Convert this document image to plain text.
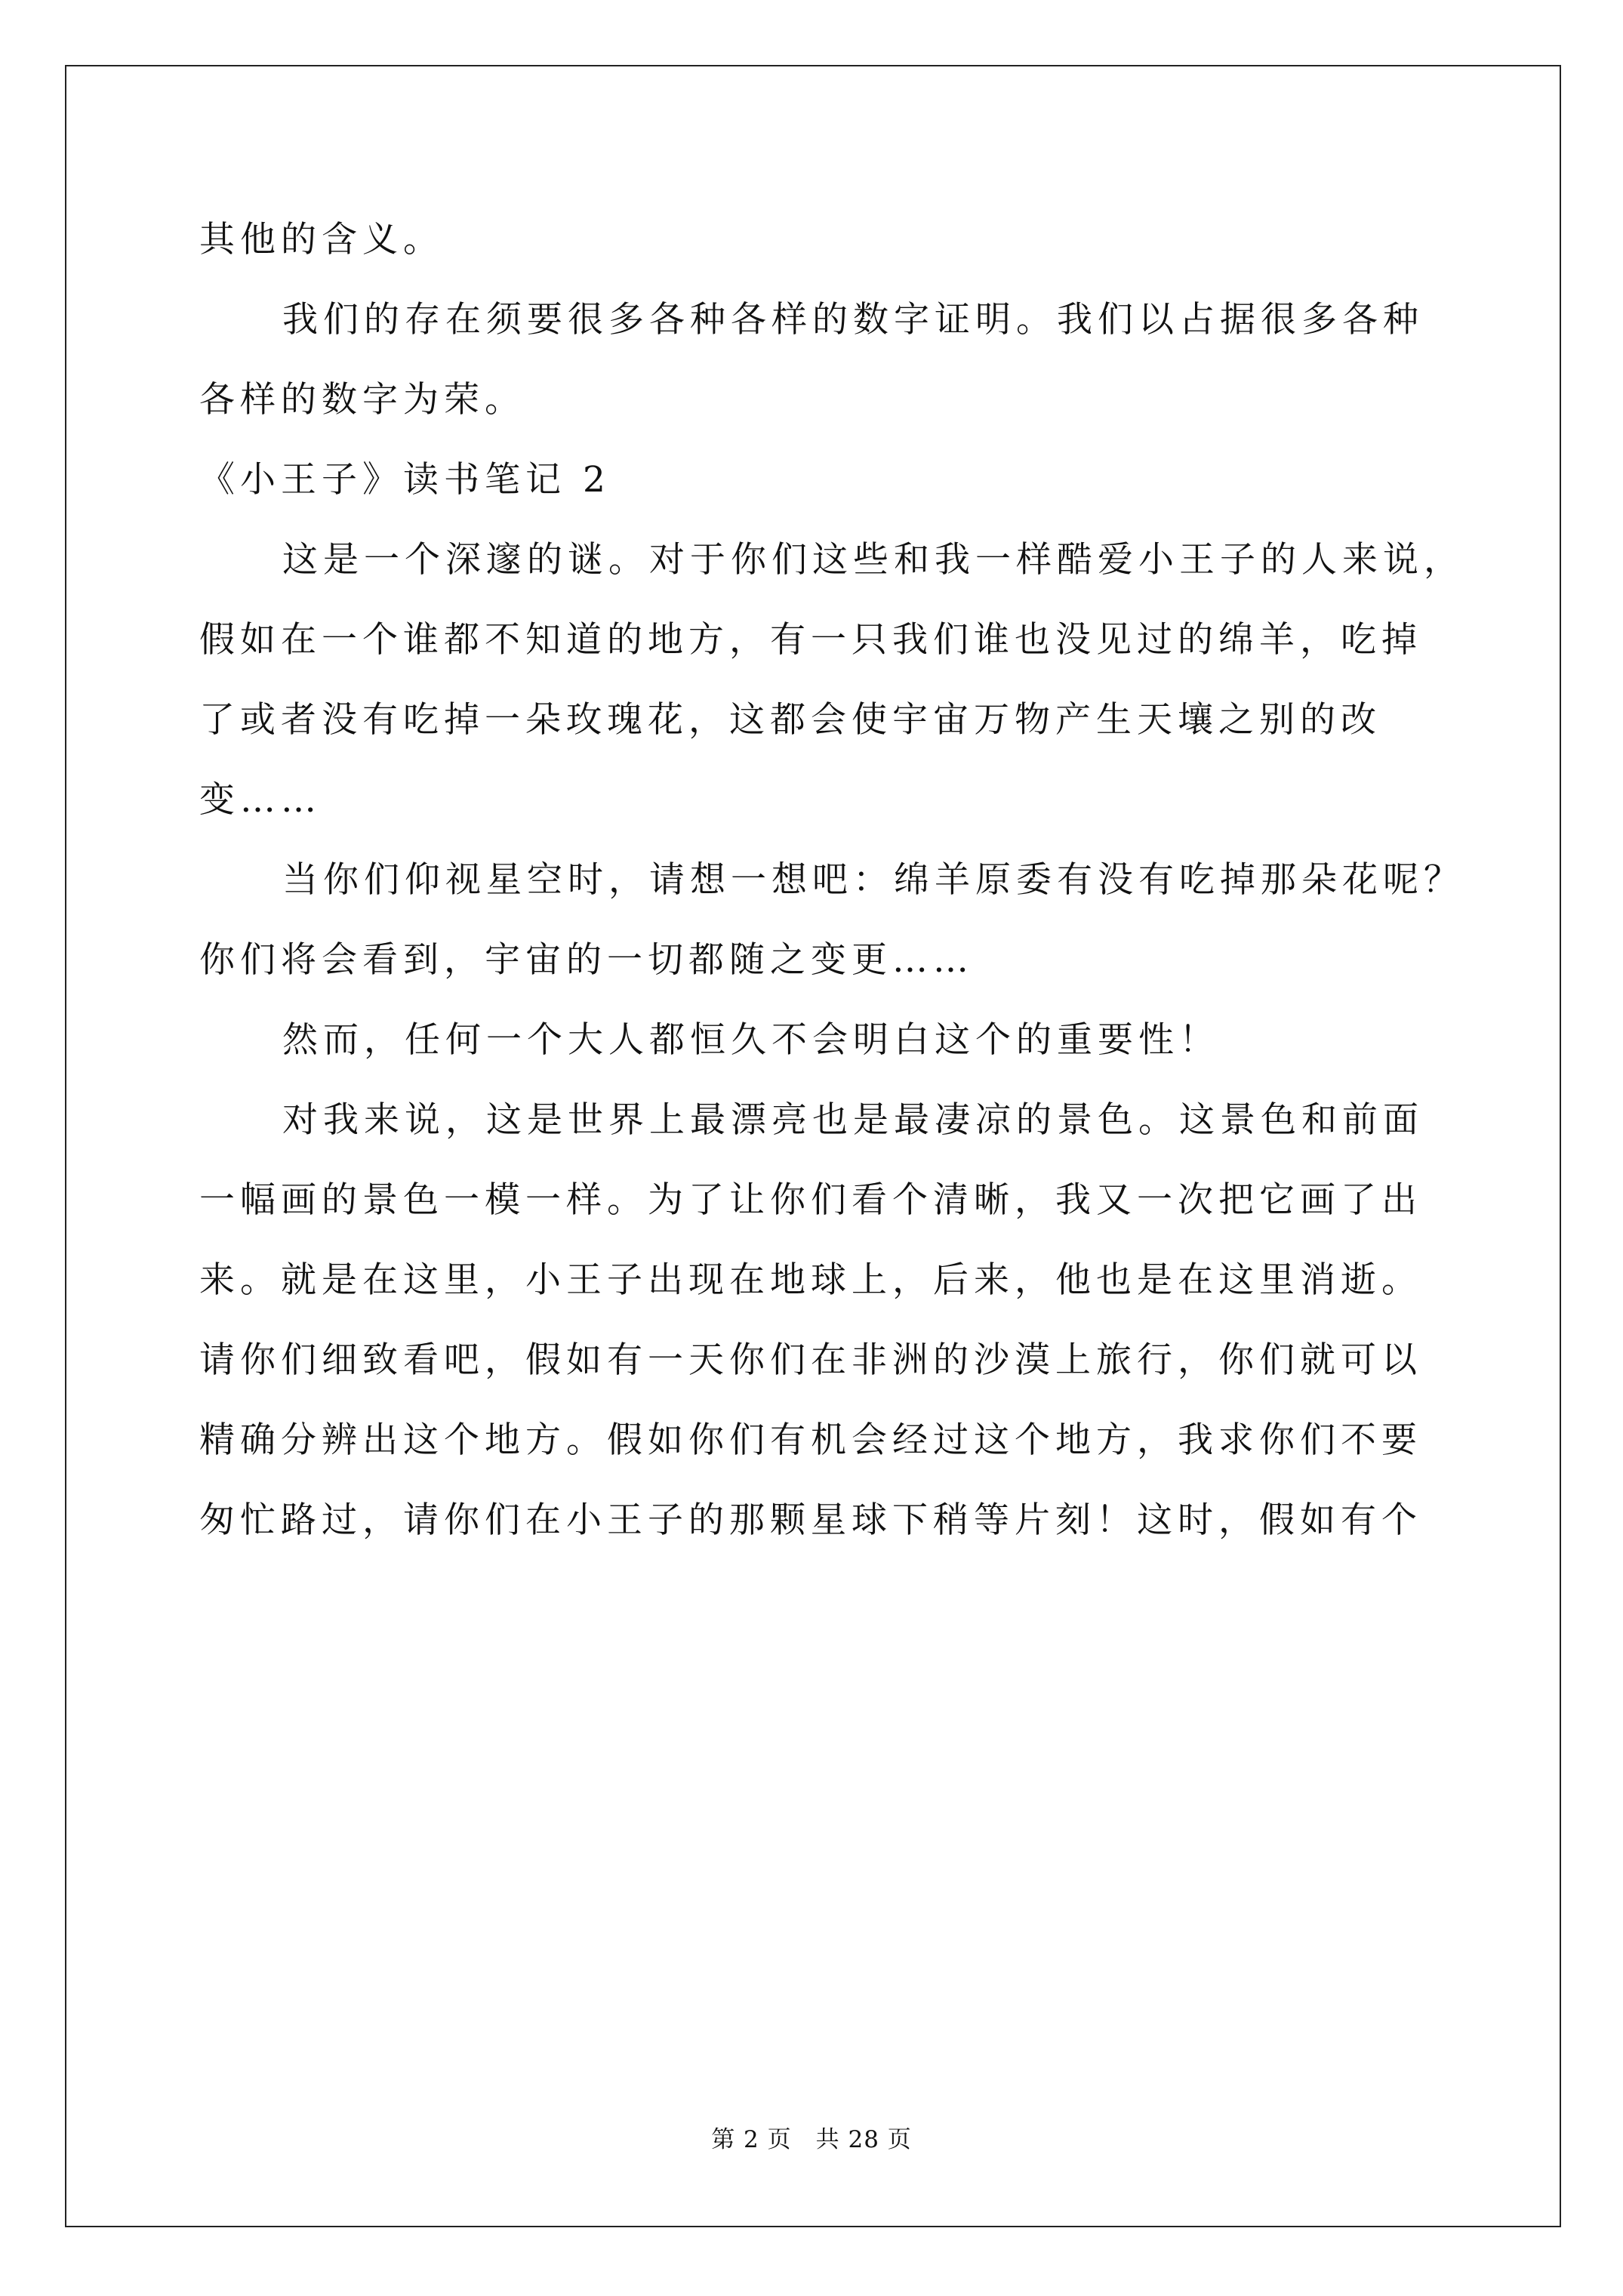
其他的含义。
我们的存在须要很多各种各样的数字证明。我们以占据很多各种
各样的数字为荣。
《小王子》读书笔记 2
这是一个深邃的谜。对于你们这些和我一样酷爱小王子的人来说，
假如在一个谁都不知道的地方，有一只我们谁也没见过的绵羊，吃掉
了或者没有吃掉一朵玫瑰花，这都会使宇宙万物产生天壤之别的改
变……
当你们仰视星空时，请想一想吧：绵羊原委有没有吃掉那朵花呢？
你们将会看到，宇宙的一切都随之变更……
然而，任何一个大人都恒久不会明白这个的重要性！
对我来说，这是世界上最漂亮也是最凄凉的景色。这景色和前面
一幅画的景色一模一样。为了让你们看个清晰，我又一次把它画了出
来。就是在这里，小王子出现在地球上，后来，他也是在这里消逝。
请你们细致看吧，假如有一天你们在非洲的沙漠上旅行，你们就可以
精确分辨出这个地方。假如你们有机会经过这个地方，我求你们不要
匆忙路过，请你们在小王子的那颗星球下稍等片刻！这时，假如有个
第 2 页　共 28 页
